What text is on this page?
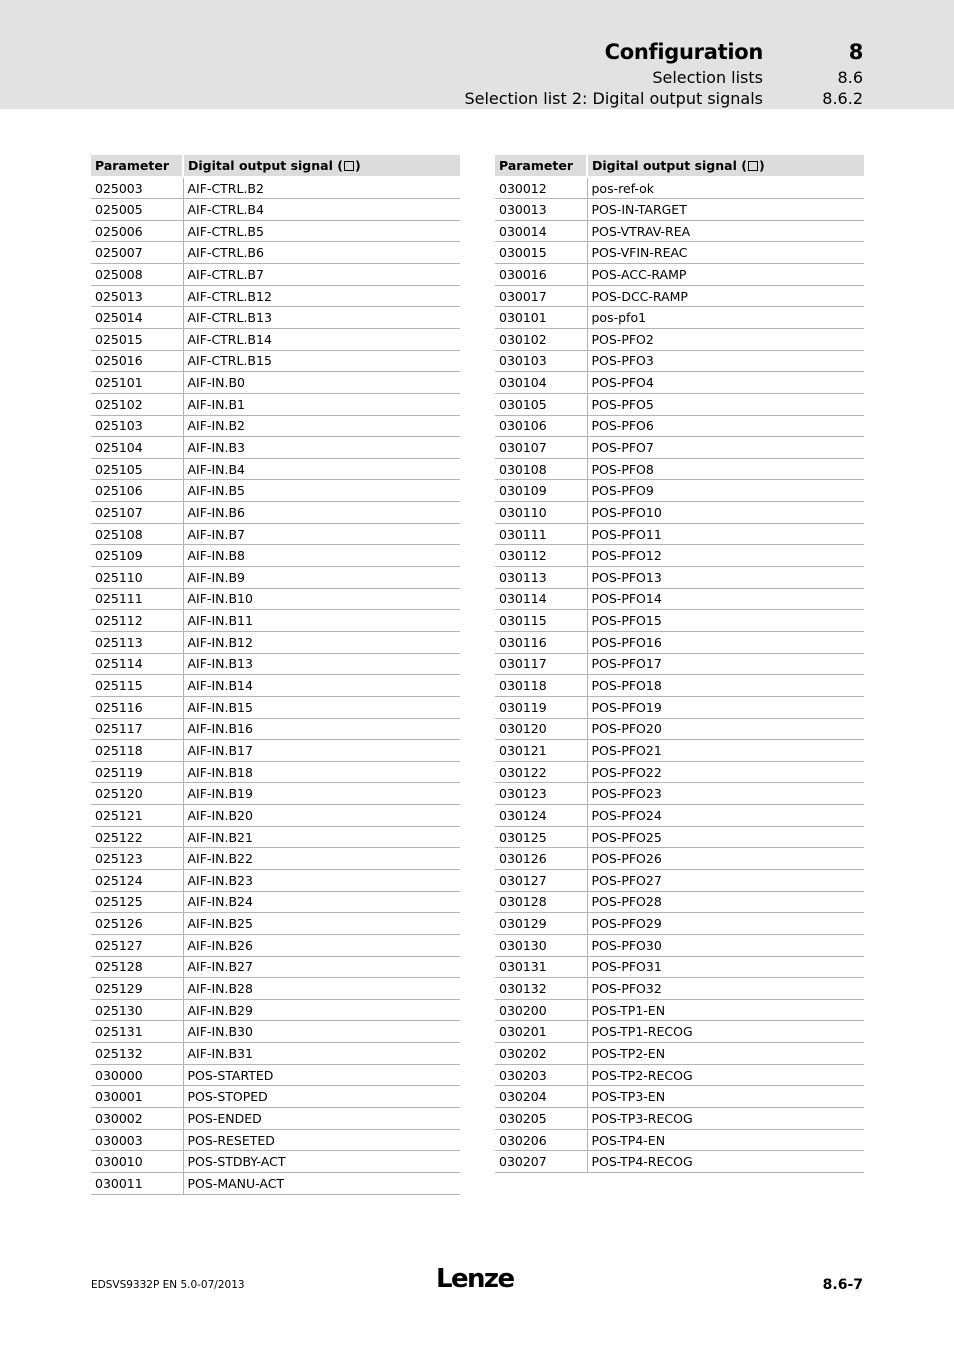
Configuration	8
Selection lists	8.6
Selection list 2: Digital output signals	8.6.2
Parameter	Digital output signal ( )
025003	AIF-CTRL.B2
025005	AIF-CTRL.B4
025006	AIF-CTRL.B5
025007	AIF-CTRL.B6
025008	AIF-CTRL.B7
025013	AIF-CTRL.B12
025014	AIF-CTRL.B13
025015	AIF-CTRL.B14
025016	AIF-CTRL.B15
025101	AIF-IN.B0
025102	AIF-IN.B1
025103	AIF-IN.B2
025104	AIF-IN.B3
025105	AIF-IN.B4
025106	AIF-IN.B5
025107	AIF-IN.B6
025108	AIF-IN.B7
025109	AIF-IN.B8
025110	AIF-IN.B9
025111	AIF-IN.B10
025112	AIF-IN.B11
025113	AIF-IN.B12
025114	AIF-IN.B13
025115	AIF-IN.B14
025116	AIF-IN.B15
025117	AIF-IN.B16
025118	AIF-IN.B17
025119	AIF-IN.B18
025120	AIF-IN.B19
025121	AIF-IN.B20
025122	AIF-IN.B21
025123	AIF-IN.B22
025124	AIF-IN.B23
025125	AIF-IN.B24
025126	AIF-IN.B25
025127	AIF-IN.B26
025128	AIF-IN.B27
025129	AIF-IN.B28
025130	AIF-IN.B29
025131	AIF-IN.B30
025132	AIF-IN.B31
030000	POS-STARTED
030001	POS-STOPED
030002	POS-ENDED
030003	POS-RESETED
030010	POS-STDBY-ACT
030011	POS-MANU-ACT
Parameter	Digital output signal ( )
030012	pos-ref-ok
030013	POS-IN-TARGET
030014	POS-VTRAV-REA
030015	POS-VFIN-REAC
030016	POS-ACC-RAMP
030017	POS-DCC-RAMP
030101	pos-pfo1
030102	POS-PFO2
030103	POS-PFO3
030104	POS-PFO4
030105	POS-PFO5
030106	POS-PFO6
030107	POS-PFO7
030108	POS-PFO8
030109	POS-PFO9
030110	POS-PFO10
030111	POS-PFO11
030112	POS-PFO12
030113	POS-PFO13
030114	POS-PFO14
030115	POS-PFO15
030116	POS-PFO16
030117	POS-PFO17
030118	POS-PFO18
030119	POS-PFO19
030120	POS-PFO20
030121	POS-PFO21
030122	POS-PFO22
030123	POS-PFO23
030124	POS-PFO24
030125	POS-PFO25
030126	POS-PFO26
030127	POS-PFO27
030128	POS-PFO28
030129	POS-PFO29
030130	POS-PFO30
030131	POS-PFO31
030132	POS-PFO32
030200	POS-TP1-EN
030201	POS-TP1-RECOG
030202	POS-TP2-EN
030203	POS-TP2-RECOG
030204	POS-TP3-EN
030205	POS-TP3-RECOG
030206	POS-TP4-EN
030207	POS-TP4-RECOG
EDSVS9332P EN 5.0-07/2013	Lenze	8.6-7
